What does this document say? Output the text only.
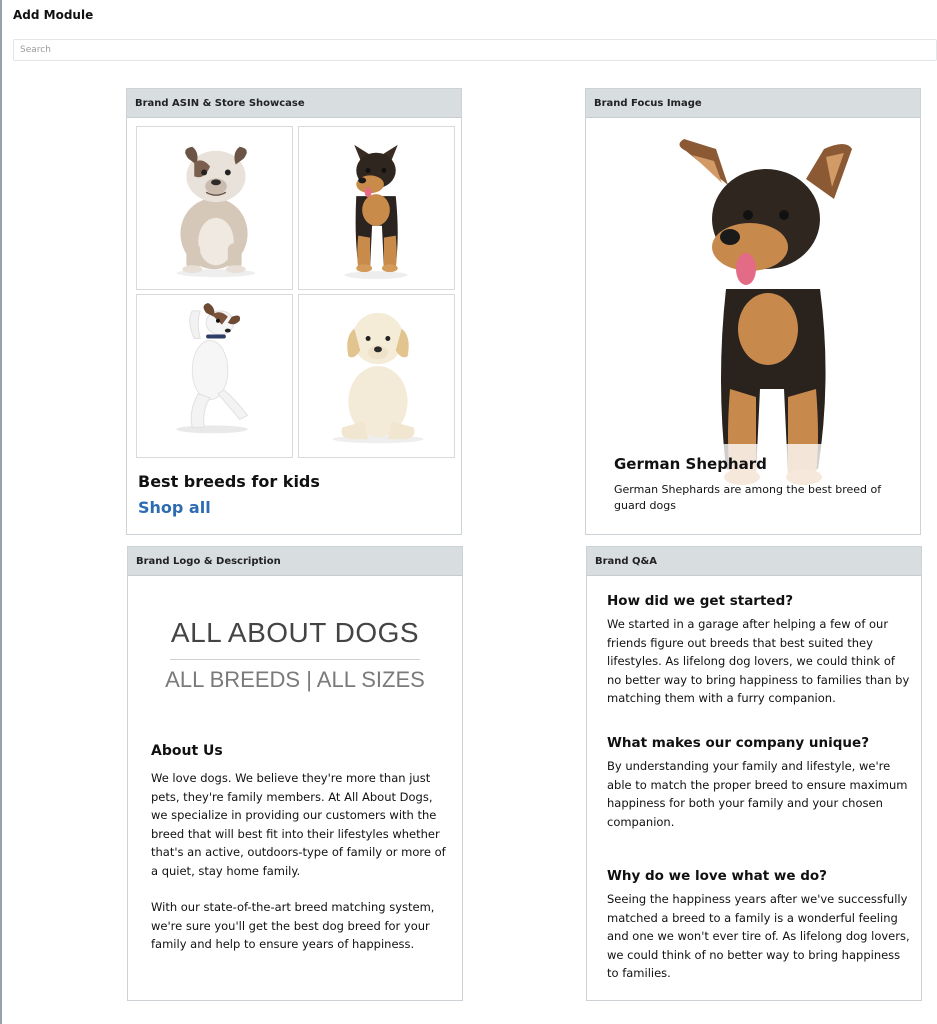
Add Module
Search
Brand ASIN & Store Showcase
Best breeds for kids
Shop all
Brand Focus Image
German Shephard
German Shephards are among the best breed of guard dogs
Brand Logo & Description
ALL ABOUT DOGS
ALL BREEDS | ALL SIZES
About Us

We love dogs. We believe they're more than just pets, they're family members. At All About Dogs, we specialize in providing our customers with the breed that will best fit into their lifestyles whether that's an active, outdoors-type of family or more of a quiet, stay home family.

With our state-of-the-art breed matching system, we're sure you'll get the best dog breed for your family and help to ensure years of happiness.

Brand Q&A
How did we get started?
We started in a garage after helping a few of our friends figure out breeds that best suited they lifestyles. As lifelong dog lovers, we could think of no better way to bring happiness to families than by matching them with a furry companion.
What makes our company unique?
By understanding your family and lifestyle, we're able to match the proper breed to ensure maximum happiness for both your family and your chosen companion.
Why do we love what we do?
Seeing the happiness years after we've successfully matched a breed to a family is a wonderful feeling and one we won't ever tire of. As lifelong dog lovers, we could think of no better way to bring happiness to families.
